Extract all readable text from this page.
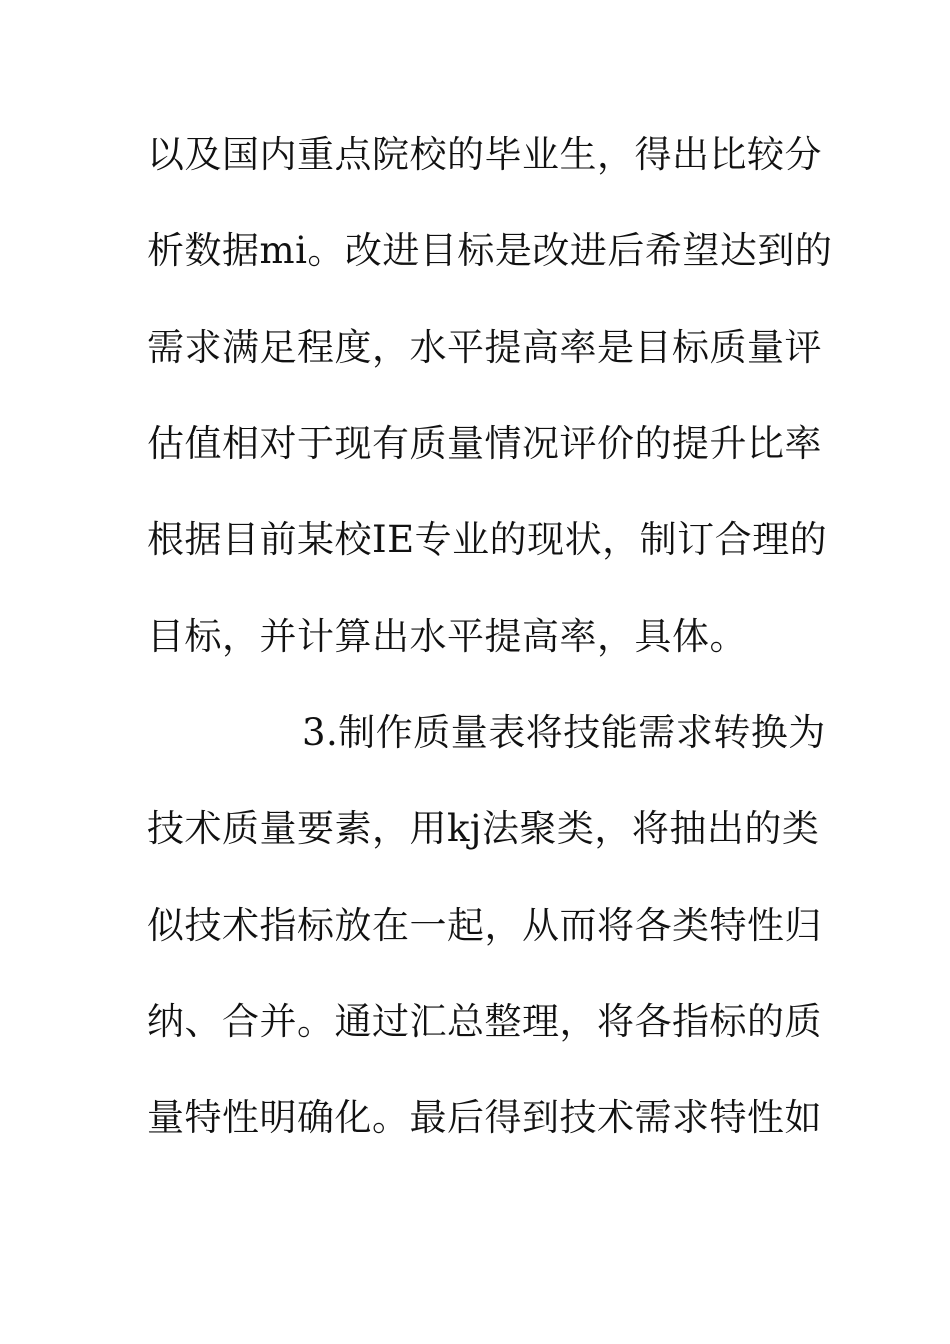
以及国内重点院校的毕业生，得出比较分
析数据mi。改进目标是改进后希望达到的
需求满足程度，水平提高率是目标质量评
估值相对于现有质量情况评价的提升比率
根据目前某校IE专业的现状，制订合理的
目标，并计算出水平提高率，具体。
3.制作质量表将技能需求转换为
技术质量要素，用kj法聚类，将抽出的类
似技术指标放在一起，从而将各类特性归
纳、合并。通过汇总整理，将各指标的质
量特性明确化。最后得到技术需求特性如
